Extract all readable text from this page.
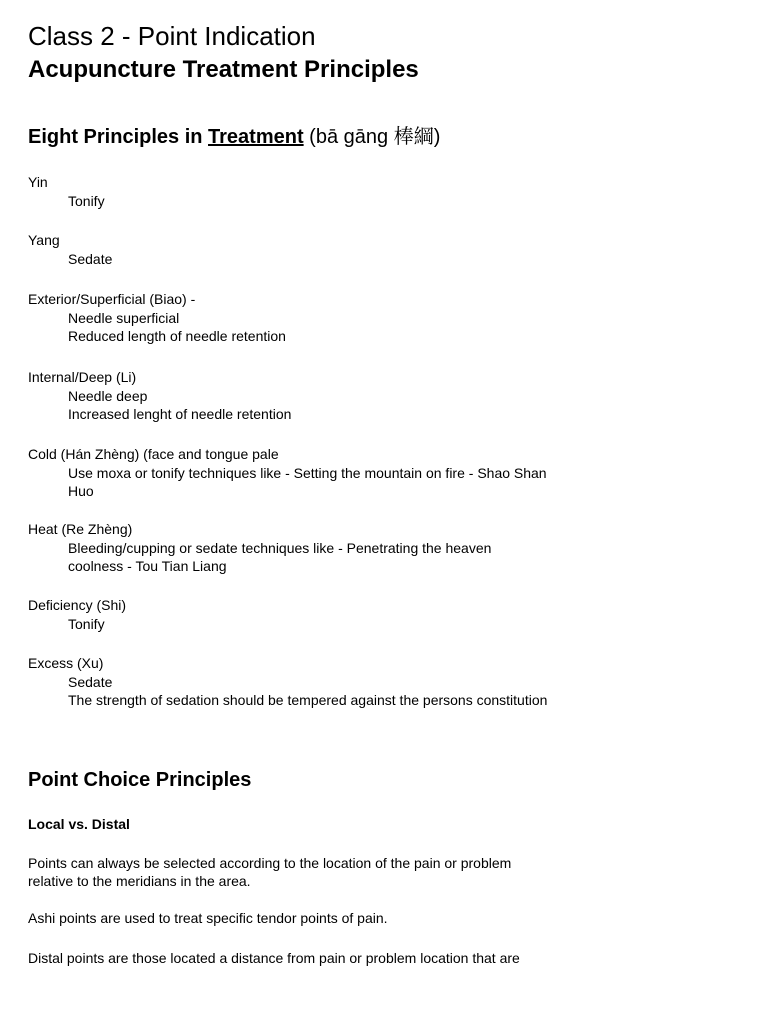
Class 2 - Point Indication
Acupuncture Treatment Principles
Eight Principles in Treatment (bā gāng 棒綱)
Yin
Tonify
Yang
Sedate
Exterior/Superficial (Biao) -
Needle superficial
Reduced length of needle retention
Internal/Deep (Li)
Needle deep
Increased lenght of needle retention
Cold (Hán Zhèng) (face and tongue pale
Use moxa or tonify techniques like - Setting the mountain on fire - Shao Shan Huo
Heat (Re Zhèng)
Bleeding/cupping or sedate techniques like - Penetrating the heaven coolness - Tou Tian Liang
Deficiency (Shi)
Tonify
Excess (Xu)
Sedate
The strength of sedation should be tempered against the persons constitution
Point Choice Principles
Local vs. Distal

Points can always be selected according to the location of the pain or problem relative to the meridians in the area.

Ashi points are used to treat specific tendor points of pain.

Distal points are those located a distance from pain or problem location that are
